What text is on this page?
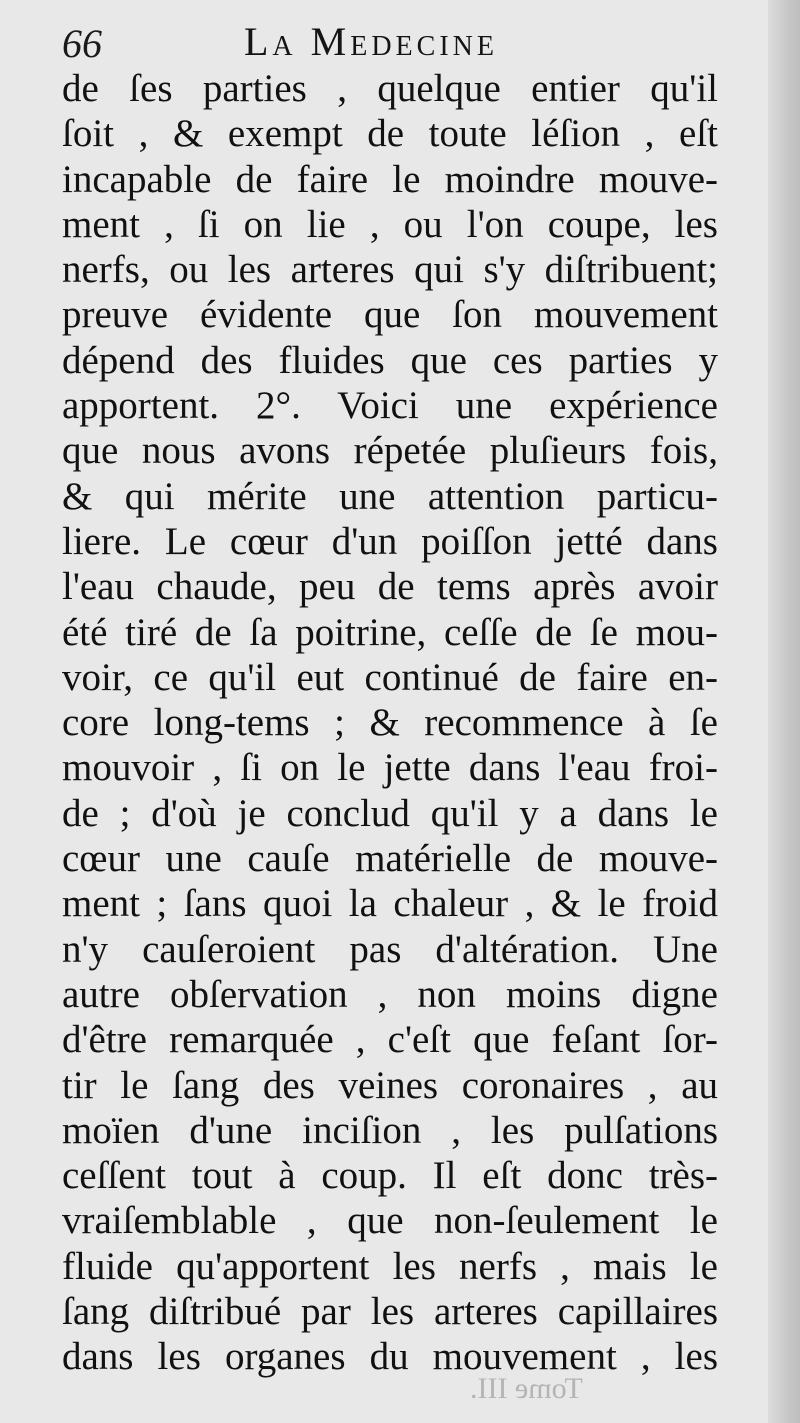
66	La Medecine
de ſes parties , quelque entier qu'il
ſoit , & exempt de toute léſion , eſt
incapable de faire le moindre mouve-
ment , ſi on lie , ou l'on coupe, les
nerfs, ou les arteres qui s'y diſtribuent;
preuve évidente que ſon mouvement
dépend des fluides que ces parties y
apportent. 2°. Voici une expérience
que nous avons répetée pluſieurs fois,
& qui mérite une attention particu-
liere. Le cœur d'un poiſſon jetté dans
l'eau chaude, peu de tems après avoir
été tiré de ſa poitrine, ceſſe de ſe mou-
voir, ce qu'il eut continué de faire en-
core long-tems ; & recommence à ſe
mouvoir , ſi on le jette dans l'eau froi-
de ; d'où je conclud qu'il y a dans le
cœur une cauſe matérielle de mouve-
ment ; ſans quoi la chaleur , & le froid
n'y cauſeroient pas d'altération. Une
autre obſervation , non moins digne
d'être remarquée , c'eſt que feſant ſor-
tir le ſang des veines coronaires , au
moïen d'une inciſion , les pulſations
ceſſent tout à coup. Il eſt donc très-
vraiſemblable , que non-ſeulement le
fluide qu'apportent les nerfs , mais le
ſang diſtribué par les arteres capillaires
dans les organes du mouvement , les
Tome III.
